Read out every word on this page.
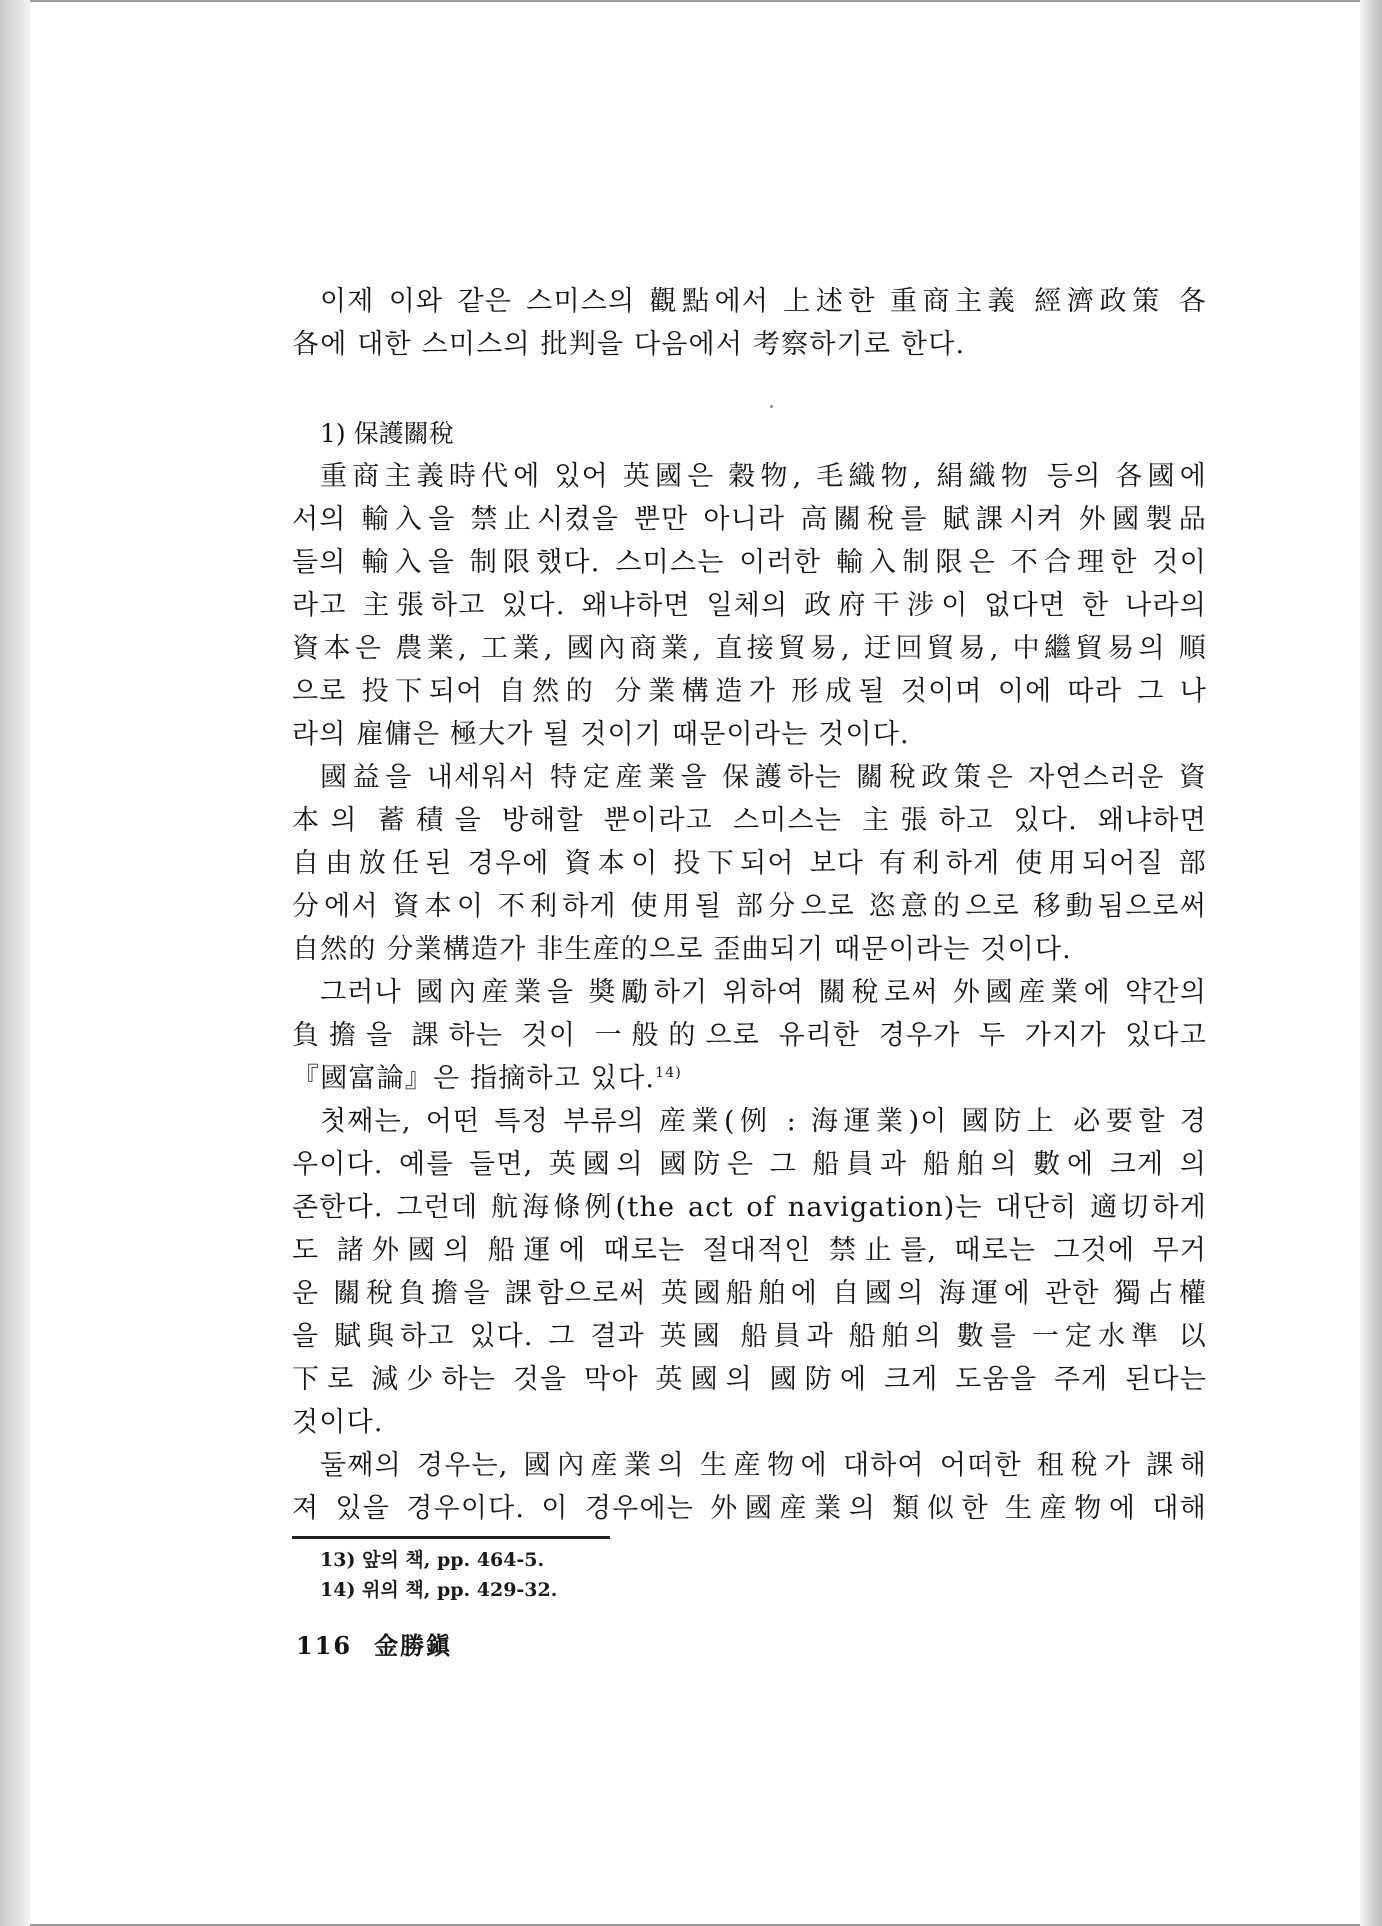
이제 이와 같은 스미스의 觀點에서 上述한 重商主義 經濟政策 各
各에 대한 스미스의 批判을 다음에서 考察하기로 한다.
1) 保護關稅
重商主義時代에 있어 英國은 穀物, 毛織物, 絹織物 등의 各國에
서의 輸入을 禁止시켰을 뿐만 아니라 高關稅를 賦課시켜 外國製品
들의 輸入을 制限했다. 스미스는 이러한 輸入制限은 不合理한 것이
라고 主張하고 있다. 왜냐하면 일체의 政府干涉이 없다면 한 나라의
資本은 農業, 工業, 國內商業, 直接貿易, 迂回貿易, 中繼貿易의 順
으로 投下되어 自然的 分業構造가 形成될 것이며 이에 따라 그 나
라의 雇傭은 極大가 될 것이기 때문이라는 것이다.
國益을 내세워서 特定産業을 保護하는 關稅政策은 자연스러운 資
本의 蓄積을 방해할 뿐이라고 스미스는 主張하고 있다. 왜냐하면
自由放任된 경우에 資本이 投下되어 보다 有利하게 使用되어질 部
分에서 資本이 不利하게 使用될 部分으로 恣意的으로 移動됨으로써
自然的 分業構造가 非生産的으로 歪曲되기 때문이라는 것이다.
그러나 國內産業을 奬勵하기 위하여 關稅로써 外國産業에 약간의
負擔을 課하는 것이 一般的으로 유리한 경우가 두 가지가 있다고
『國富論』은 指摘하고 있다.$^{14)}$
첫째는, 어떤 특정 부류의 産業(例 : 海運業)이 國防上 必要할 경
우이다. 예를 들면, 英國의 國防은 그 船員과 船舶의 數에 크게 의
존한다. 그런데 航海條例(the act of navigation)는 대단히 適切하게
도 諸外國의 船運에 때로는 절대적인 禁止를, 때로는 그것에 무거
운 關稅負擔을 課함으로써 英國船舶에 自國의 海運에 관한 獨占權
을 賦與하고 있다. 그 결과 英國 船員과 船舶의 數를 一定水準 以
下로 減少하는 것을 막아 英國의 國防에 크게 도움을 주게 된다는
것이다.
둘째의 경우는, 國內産業의 生産物에 대하여 어떠한 租稅가 課해
져 있을 경우이다. 이 경우에는 外國産業의 類似한 生産物에 대해
13) 앞의 책, pp. 464-5.
14) 위의 책, pp. 429-32.
116 金勝鎭
